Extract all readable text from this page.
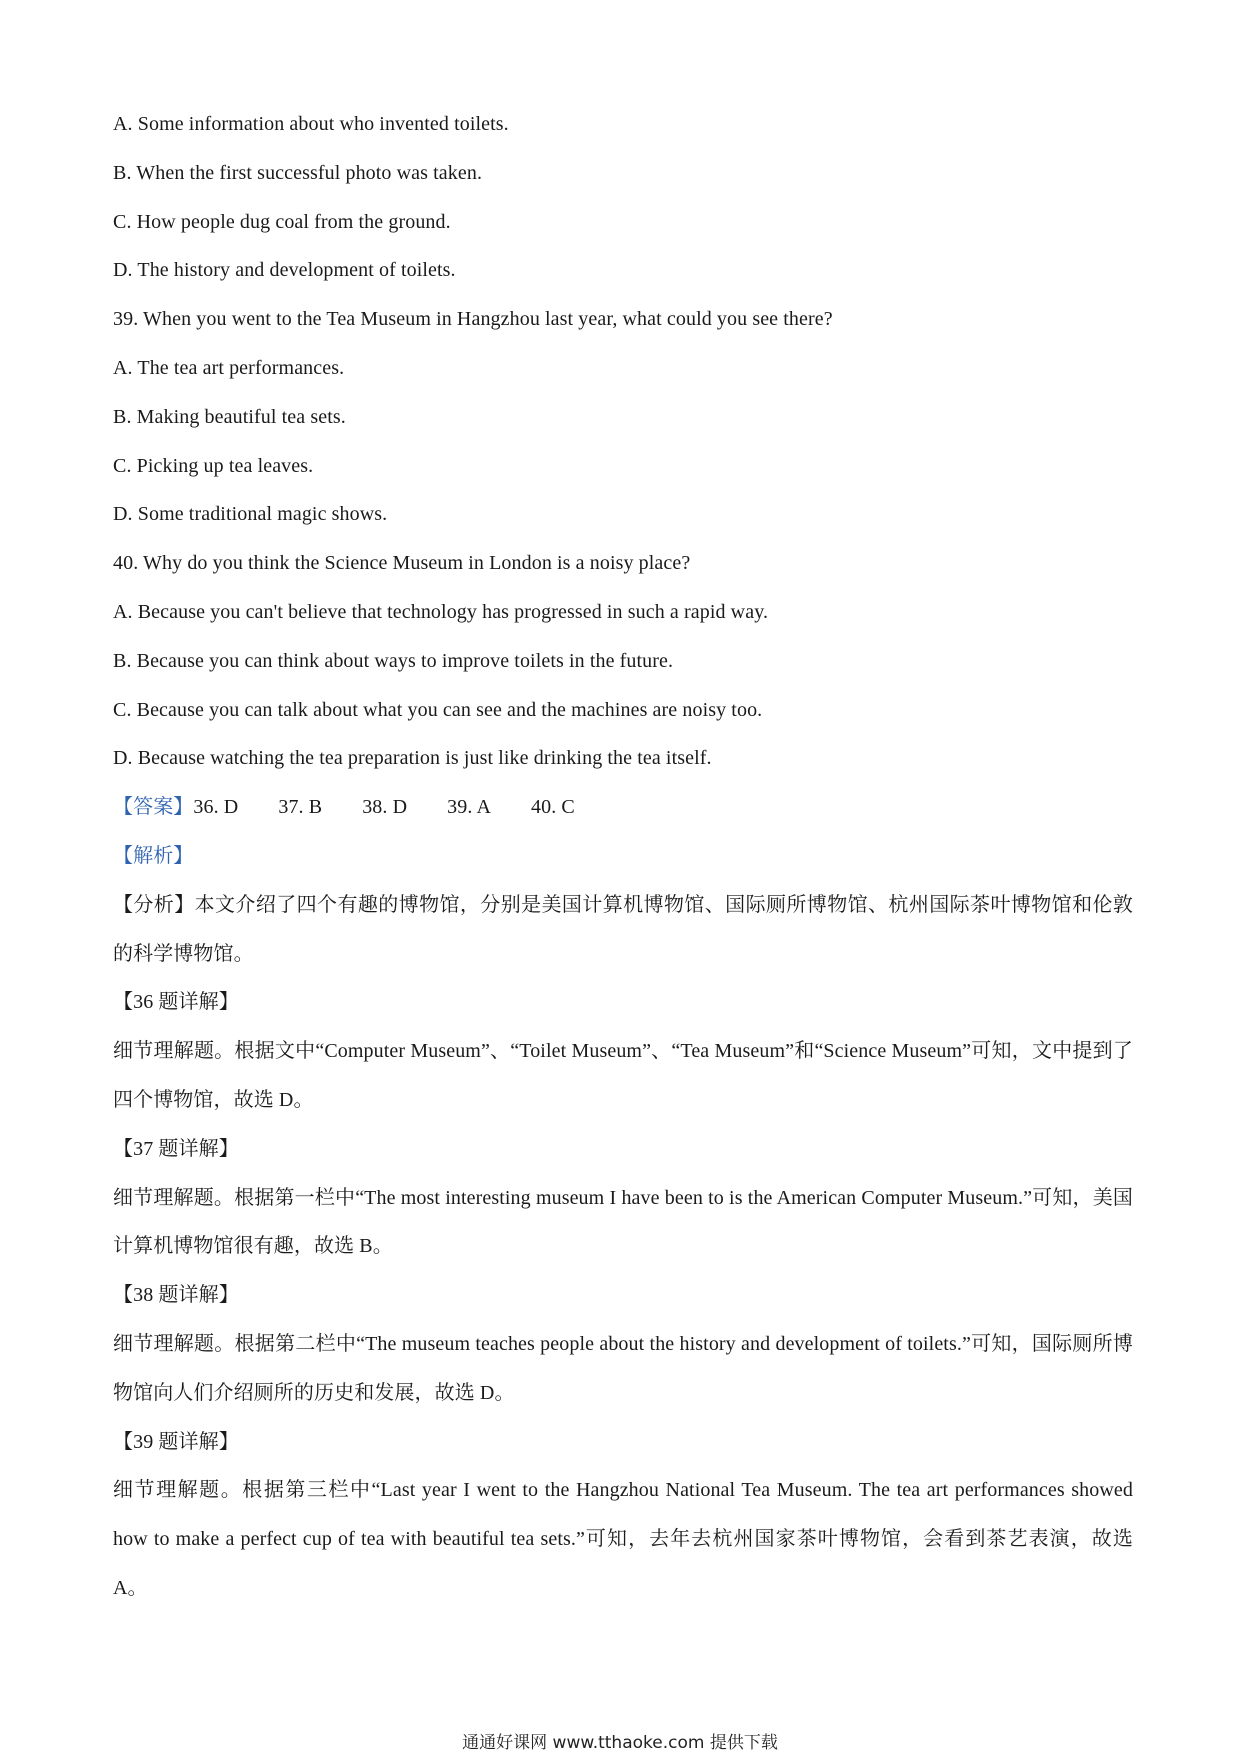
A. Some information about who invented toilets.
B. When the first successful photo was taken.
C. How people dug coal from the ground.
D. The history and development of toilets.
39. When you went to the Tea Museum in Hangzhou last year, what could you see there?
A. The tea art performances.
B. Making beautiful tea sets.
C. Picking up tea leaves.
D. Some traditional magic shows.
40. Why do you think the Science Museum in London is a noisy place?
A. Because you can't believe that technology has progressed in such a rapid way.
B. Because you can think about ways to improve toilets in the future.
C. Because you can talk about what you can see and the machines are noisy too.
D. Because watching the tea preparation is just like drinking the tea itself.
【答案】36. D 37. B 38. D 39. A 40. C
【解析】
【分析】本文介绍了四个有趣的博物馆，分别是美国计算机博物馆、国际厕所博物馆、杭州国际茶叶博物馆和伦敦的科学博物馆。
【36 题详解】
细节理解题。根据文中“Computer Museum”、“Toilet Museum”、“Tea Museum”和“Science Museum”可知，文中提到了四个博物馆，故选 D。
【37 题详解】
细节理解题。根据第一栏中“The most interesting museum I have been to is the American Computer Museum.”可知，美国计算机博物馆很有趣，故选 B。
【38 题详解】
细节理解题。根据第二栏中“The museum teaches people about the history and development of toilets.”可知，国际厕所博物馆向人们介绍厕所的历史和发展，故选 D。
【39 题详解】
细节理解题。根据第三栏中“Last year I went to the Hangzhou National Tea Museum. The tea art performances showed how to make a perfect cup of tea with beautiful tea sets.”可知，去年去杭州国家茶叶博物馆，会看到茶艺表演，故选 A。
通通好课网 www.tthaoke.com 提供下载
